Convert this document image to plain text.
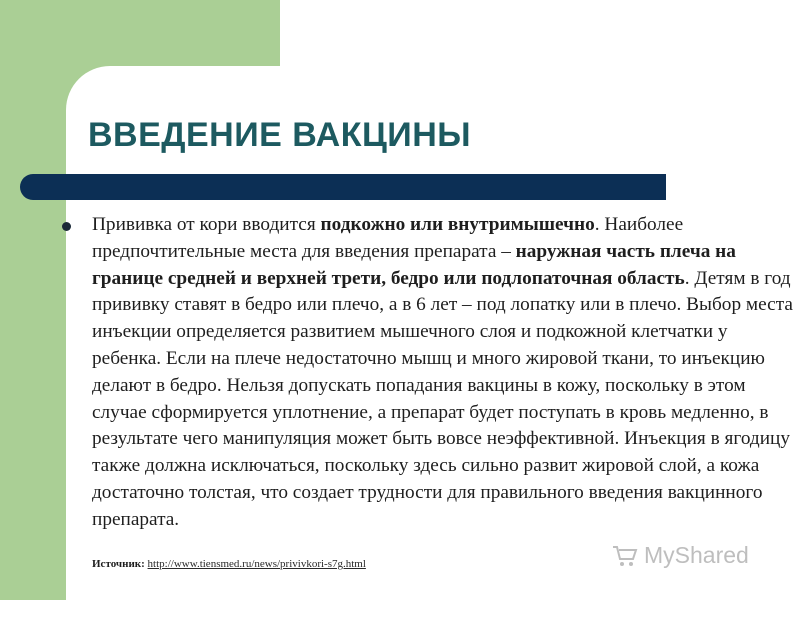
ВВЕДЕНИЕ ВАКЦИНЫ

Прививка от кори вводится подкожно или внутримышечно. Наиболее предпочтительные места для введения препарата – наружная часть плеча на границе средней и верхней трети, бедро или подлопаточная область. Детям в год прививку ставят в бедро или плечо, а в 6 лет – под лопатку или в плечо. Выбор места инъекции определяется развитием мышечного слоя и подкожной клетчатки у ребенка. Если на плече недостаточно мышц и много жировой ткани, то инъекцию делают в бедро. Нельзя допускать попадания вакцины в кожу, поскольку в этом случае сформируется уплотнение, а препарат будет поступать в кровь медленно, в результате чего манипуляция может быть вовсе неэффективной. Инъекция в ягодицу также должна исключаться, поскольку здесь сильно развит жировой слой, а кожа достаточно толстая, что создает трудности для правильного введения вакцинного препарата.

Источник: http://www.tiensmed.ru/news/privivkori-s7g.html	MyShared
